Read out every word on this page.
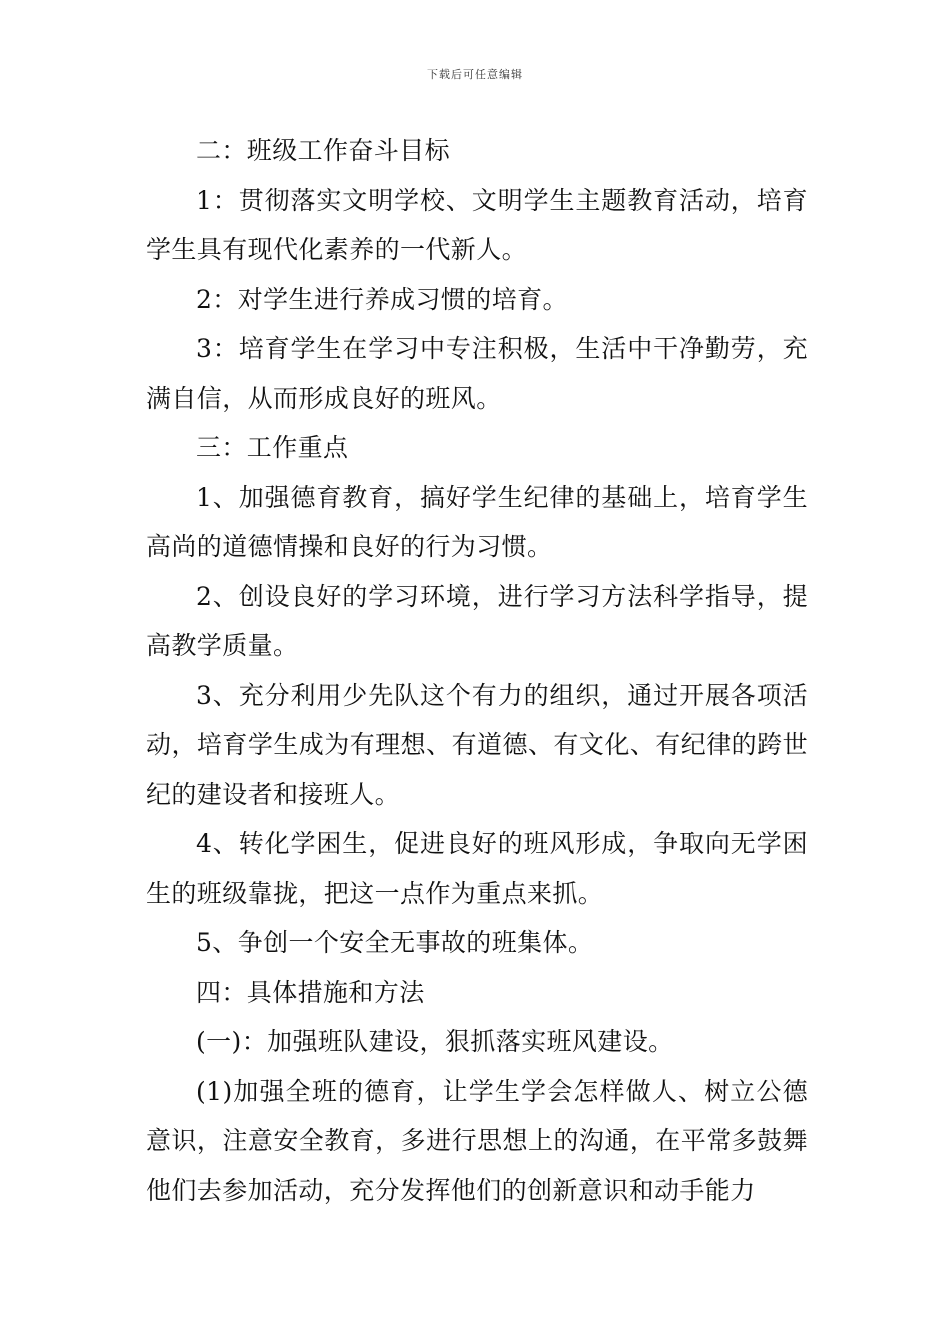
下载后可任意编辑

二：班级工作奋斗目标

1：贯彻落实文明学校、文明学生主题教育活动，培育学生具有现代化素养的一代新人。

2：对学生进行养成习惯的培育。

3：培育学生在学习中专注积极，生活中干净勤劳，充满自信，从而形成良好的班风。

三：工作重点

1、加强德育教育，搞好学生纪律的基础上，培育学生高尚的道德情操和良好的行为习惯。

2、创设良好的学习环境，进行学习方法科学指导，提高教学质量。

3、充分利用少先队这个有力的组织，通过开展各项活动，培育学生成为有理想、有道德、有文化、有纪律的跨世纪的建设者和接班人。

4、转化学困生，促进良好的班风形成，争取向无学困生的班级靠拢，把这一点作为重点来抓。

5、争创一个安全无事故的班集体。

四：具体措施和方法

(一)：加强班队建设，狠抓落实班风建设。

(1)加强全班的德育，让学生学会怎样做人、树立公德意识，注意安全教育，多进行思想上的沟通，在平常多鼓舞他们去参加活动，充分发挥他们的创新意识和动手能力
